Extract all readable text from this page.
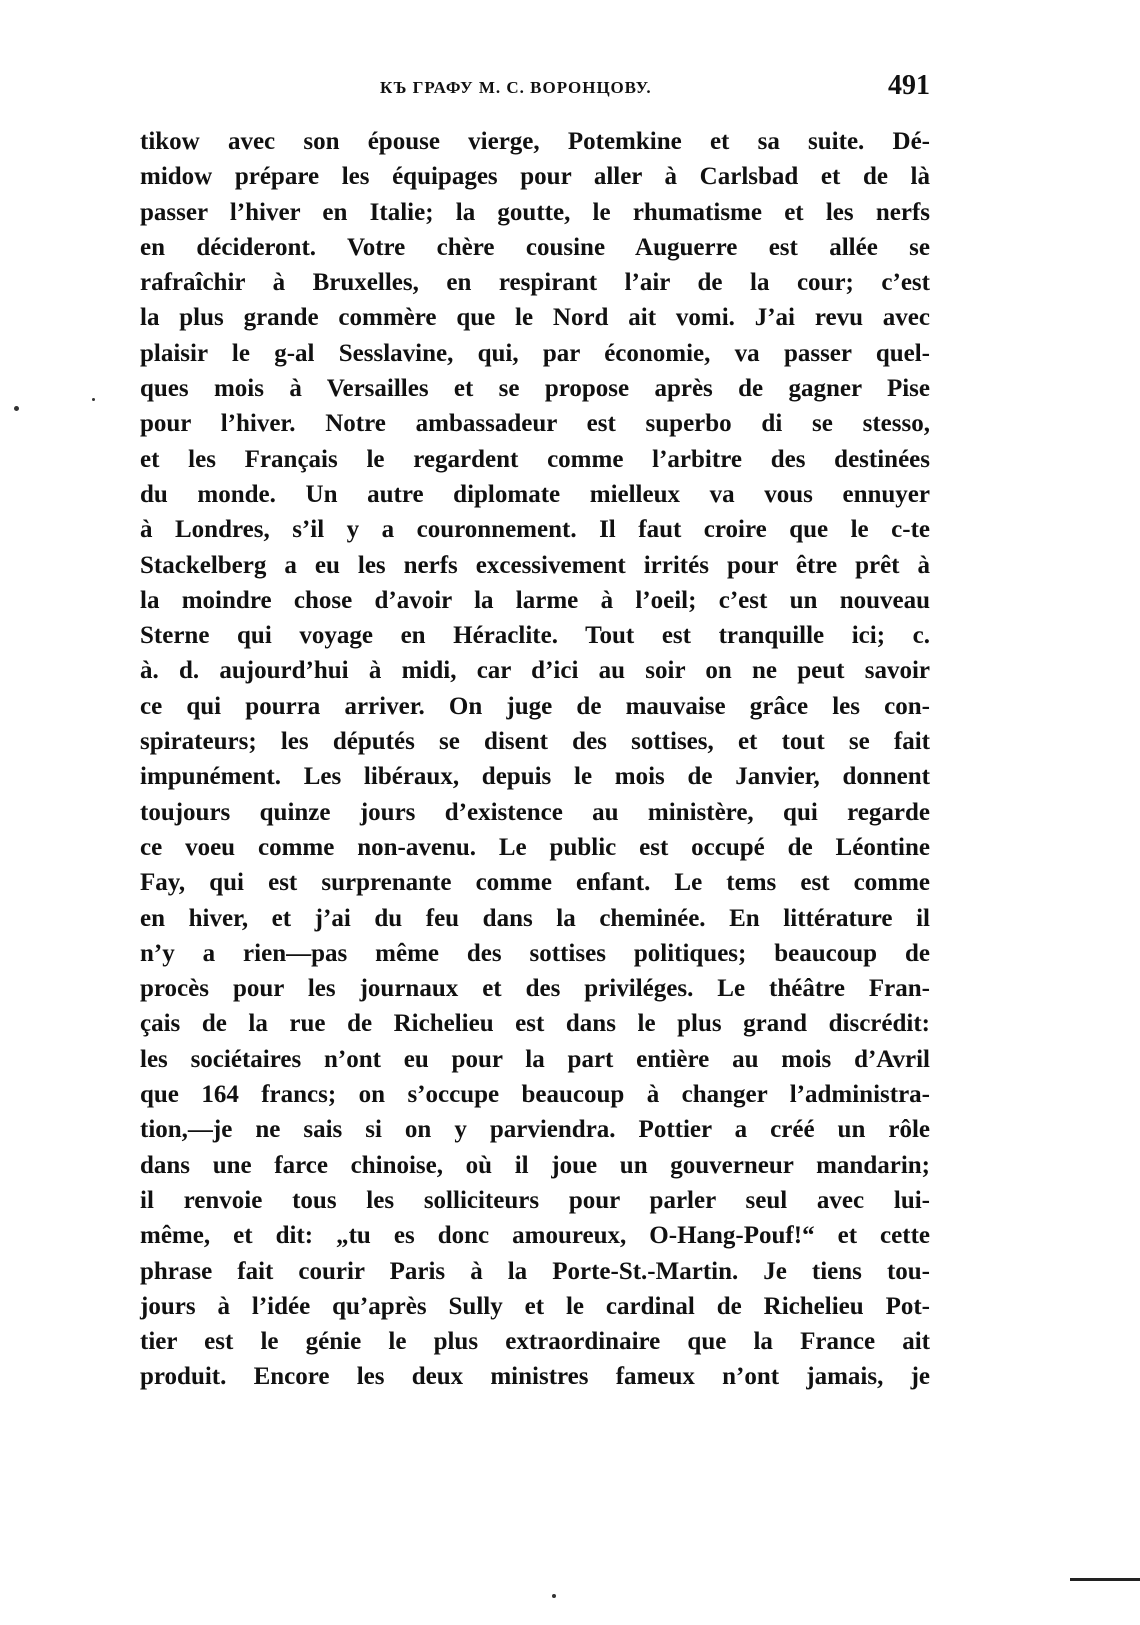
КЪ ГРАФУ М. С. ВОРОНЦОВУ.	491
tikow avec son épouse vierge, Potemkine et sa suite. Dé-
midow prépare les équipages pour aller à Carlsbad et de là
passer l’hiver en Italie; la goutte, le rhumatisme et les nerfs
en décideront. Votre chère cousine Auguerre est allée se
rafraîchir à Bruxelles, en respirant l’air de la cour; c’est
la plus grande commère que le Nord ait vomi. J’ai revu avec
plaisir le g-al Sesslavine, qui, par économie, va passer quel-
ques mois à Versailles et se propose après de gagner Pise
pour l’hiver. Notre ambassadeur est superbo di se stesso,
et les Français le regardent comme l’arbitre des destinées
du monde. Un autre diplomate mielleux va vous ennuyer
à Londres, s’il y a couronnement. Il faut croire que le c-te
Stackelberg a eu les nerfs excessivement irrités pour être prêt à
la moindre chose d’avoir la larme à l’oeil; c’est un nouveau
Sterne qui voyage en Héraclite. Tout est tranquille ici; c.
à. d. aujourd’hui à midi, car d’ici au soir on ne peut savoir
ce qui pourra arriver. On juge de mauvaise grâce les con-
spirateurs; les députés se disent des sottises, et tout se fait
impunément. Les libéraux, depuis le mois de Janvier, donnent
toujours quinze jours d’existence au ministère, qui regarde
ce voeu comme non-avenu. Le public est occupé de Léontine
Fay, qui est surprenante comme enfant. Le tems est comme
en hiver, et j’ai du feu dans la cheminée. En littérature il
n’y a rien—pas même des sottises politiques; beaucoup de
procès pour les journaux et des priviléges. Le théâtre Fran-
çais de la rue de Richelieu est dans le plus grand discrédit:
les sociétaires n’ont eu pour la part entière au mois d’Avril
que 164 francs; on s’occupe beaucoup à changer l’administra-
tion,—je ne sais si on y parviendra. Pottier a créé un rôle
dans une farce chinoise, où il joue un gouverneur mandarin;
il renvoie tous les solliciteurs pour parler seul avec lui-
même, et dit: „tu es donc amoureux, O-Hang-Pouf!“ et cette
phrase fait courir Paris à la Porte-St.-Martin. Je tiens tou-
jours à l’idée qu’après Sully et le cardinal de Richelieu Pot-
tier est le génie le plus extraordinaire que la France ait
produit. Encore les deux ministres fameux n’ont jamais, je
